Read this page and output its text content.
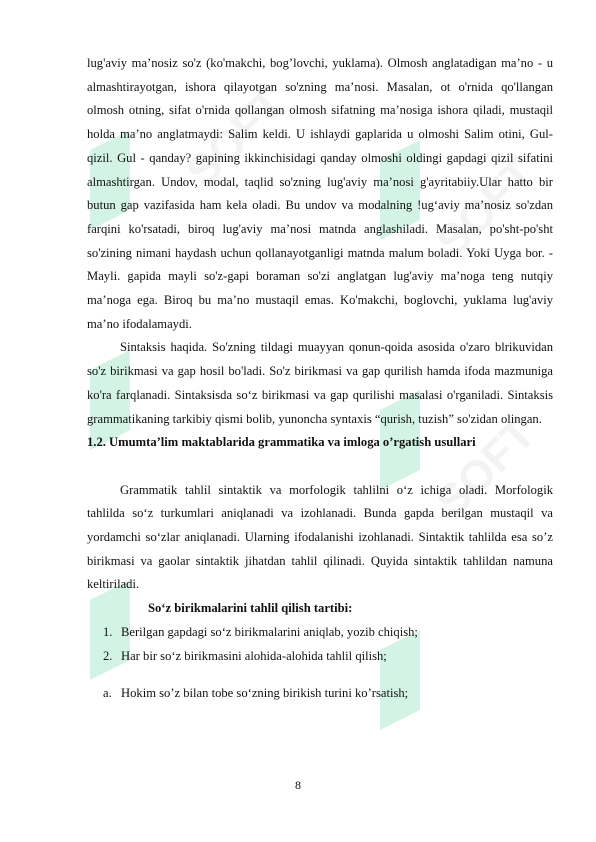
SOFT
SOFT
SOFT

lug'aviy ma’nosiz so'z (ko'makchi, bog’lovchi, yuklama). Olmosh anglatadigan ma’no - u almashtirayotgan, ishora qilayotgan so'zning ma’nosi. Masalan, ot o'rnida qo'llangan olmosh otning, sifat o'rnida qollangan olmosh sifatning ma’nosiga ishora qiladi, mustaqil holda ma’no anglatmaydi: Salim keldi. U ishlaydi gaplarida u olmoshi Salim otini, Gul- qizil. Gul - qanday? gapining ikkinchisidagi qanday olmoshi oldingi gapdagi qizil sifatini almashtirgan. Undov, modal, taqlid so'zning lug'aviy ma’nosi g'ayritabiiy.Ular hatto bir butun gap vazifasida ham kela oladi. Bu undov va modalning !ug‘aviy ma’nosiz so'zdan farqini ko'rsatadi, biroq lug'aviy ma’nosi matnda anglashiladi. Masalan, po'sht-po'sht so'zining nimani haydash uchun qollanayotganligi matnda malum boladi. Yoki Uyga bor. -Mayli. gapida mayli so'z-gapi boraman so'zi anglatgan lug'aviy ma’noga teng nutqiy ma’noga ega. Biroq bu ma’no mustaqil emas. Ko'makchi, boglovchi, yuklama lug'aviy ma’no ifodalamaydi.

Sintaksis haqida. So'zning tildagi muayyan qonun-qoida asosida o'zaro blrikuvidan so'z birikmasi va gap hosil bo'ladi. So'z birikmasi va gap qurilish hamda ifoda mazmuniga ko'ra farqlanadi. Sintaksisda so‘z birikmasi va gap qurilishi masalasi o'rganiladi. Sintaksis grammatikaning tarkibiy qismi bolib, yunoncha syntaxis “qurish, tuzish” so'zidan olingan.

1.2. Umumta’lim maktablarida grammatika va imloga o’rgatish usullari

Grammatik tahlil sintaktik va morfologik tahlilni o‘z ichiga oladi. Morfologik tahlilda so‘z turkumlari aniqlanadi va izohlanadi. Bunda gapda berilgan mustaqil va yordamchi so‘zlar aniqlanadi. Ularning ifodalanishi izohlanadi. Sintaktik tahlilda esa so’z birikmasi va gaolar sintaktik jihatdan tahlil qilinadi. Quyida sintaktik tahlildan namuna keltiriladi.

So‘z birikmalarini tahlil qilish tartibi:

1. Berilgan gapdagi so‘z birikmalarini aniqlab, yozib chiqish;
2. Har bir so‘z birikmasini alohida-alohida tahlil qilish;
a. Hokim so’z bilan tobe so‘zning birikish turini ko’rsatish;
8
